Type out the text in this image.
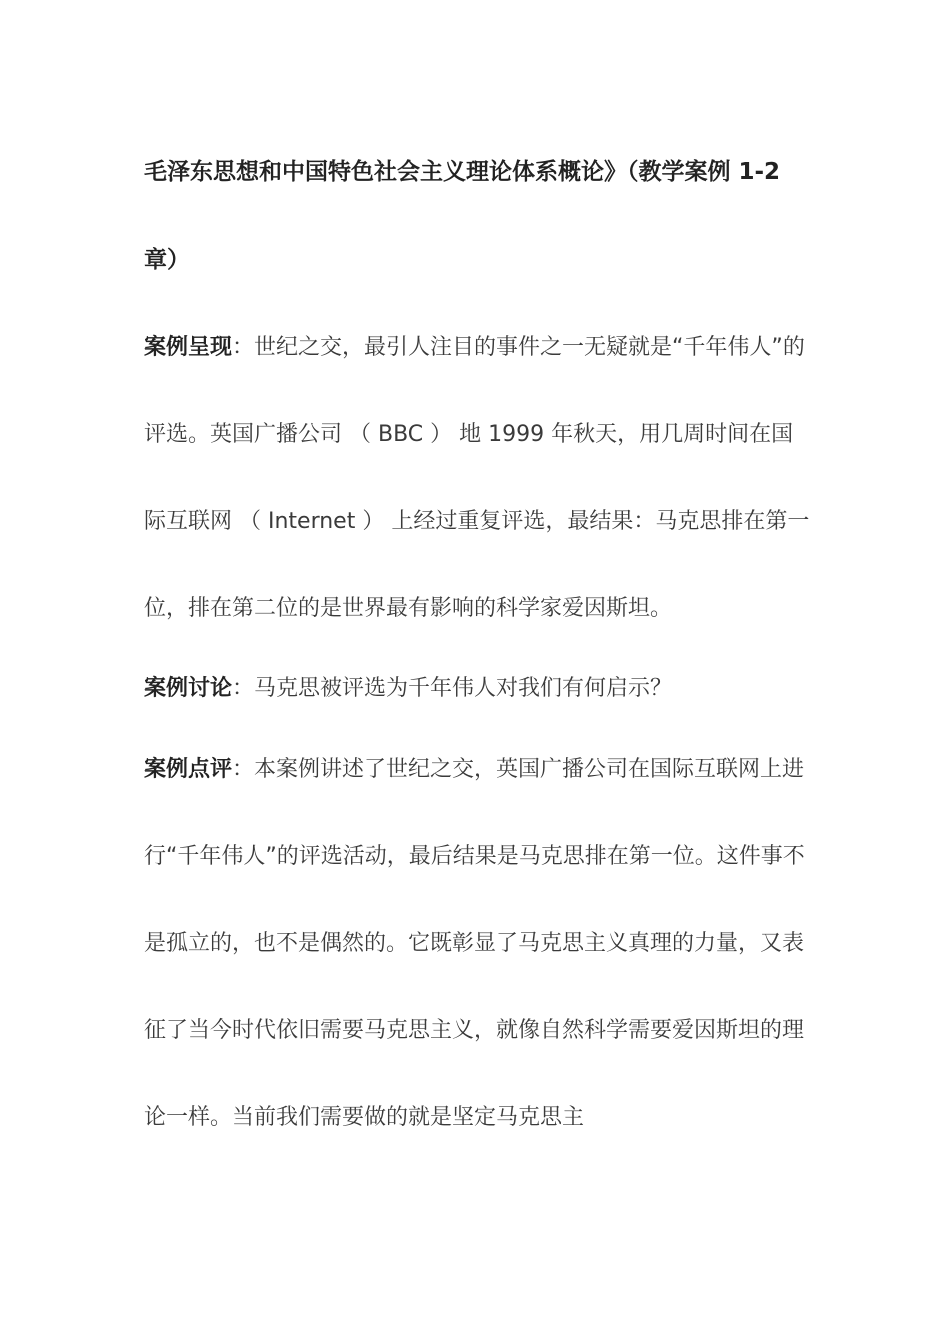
毛泽东思想和中国特色社会主义理论体系概论》（教学案例 1-2 章）

案例呈现：世纪之交，最引人注目的事件之一无疑就是“千年伟人”的评选。英国广播公司 （ BBC ） 地 1999 年秋天，用几周时间在国际互联网 （ Internet ） 上经过重复评选，最结果：马克思排在第一位，排在第二位的是世界最有影响的科学家爱因斯坦。

案例讨论：马克思被评选为千年伟人对我们有何启示？

案例点评：本案例讲述了世纪之交，英国广播公司在国际互联网上进行“千年伟人”的评选活动，最后结果是马克思排在第一位。这件事不是孤立的，也不是偶然的。它既彰显了马克思主义真理的力量，又表征了当今时代依旧需要马克思主义，就像自然科学需要爱因斯坦的理论一样。当前我们需要做的就是坚定马克思主
